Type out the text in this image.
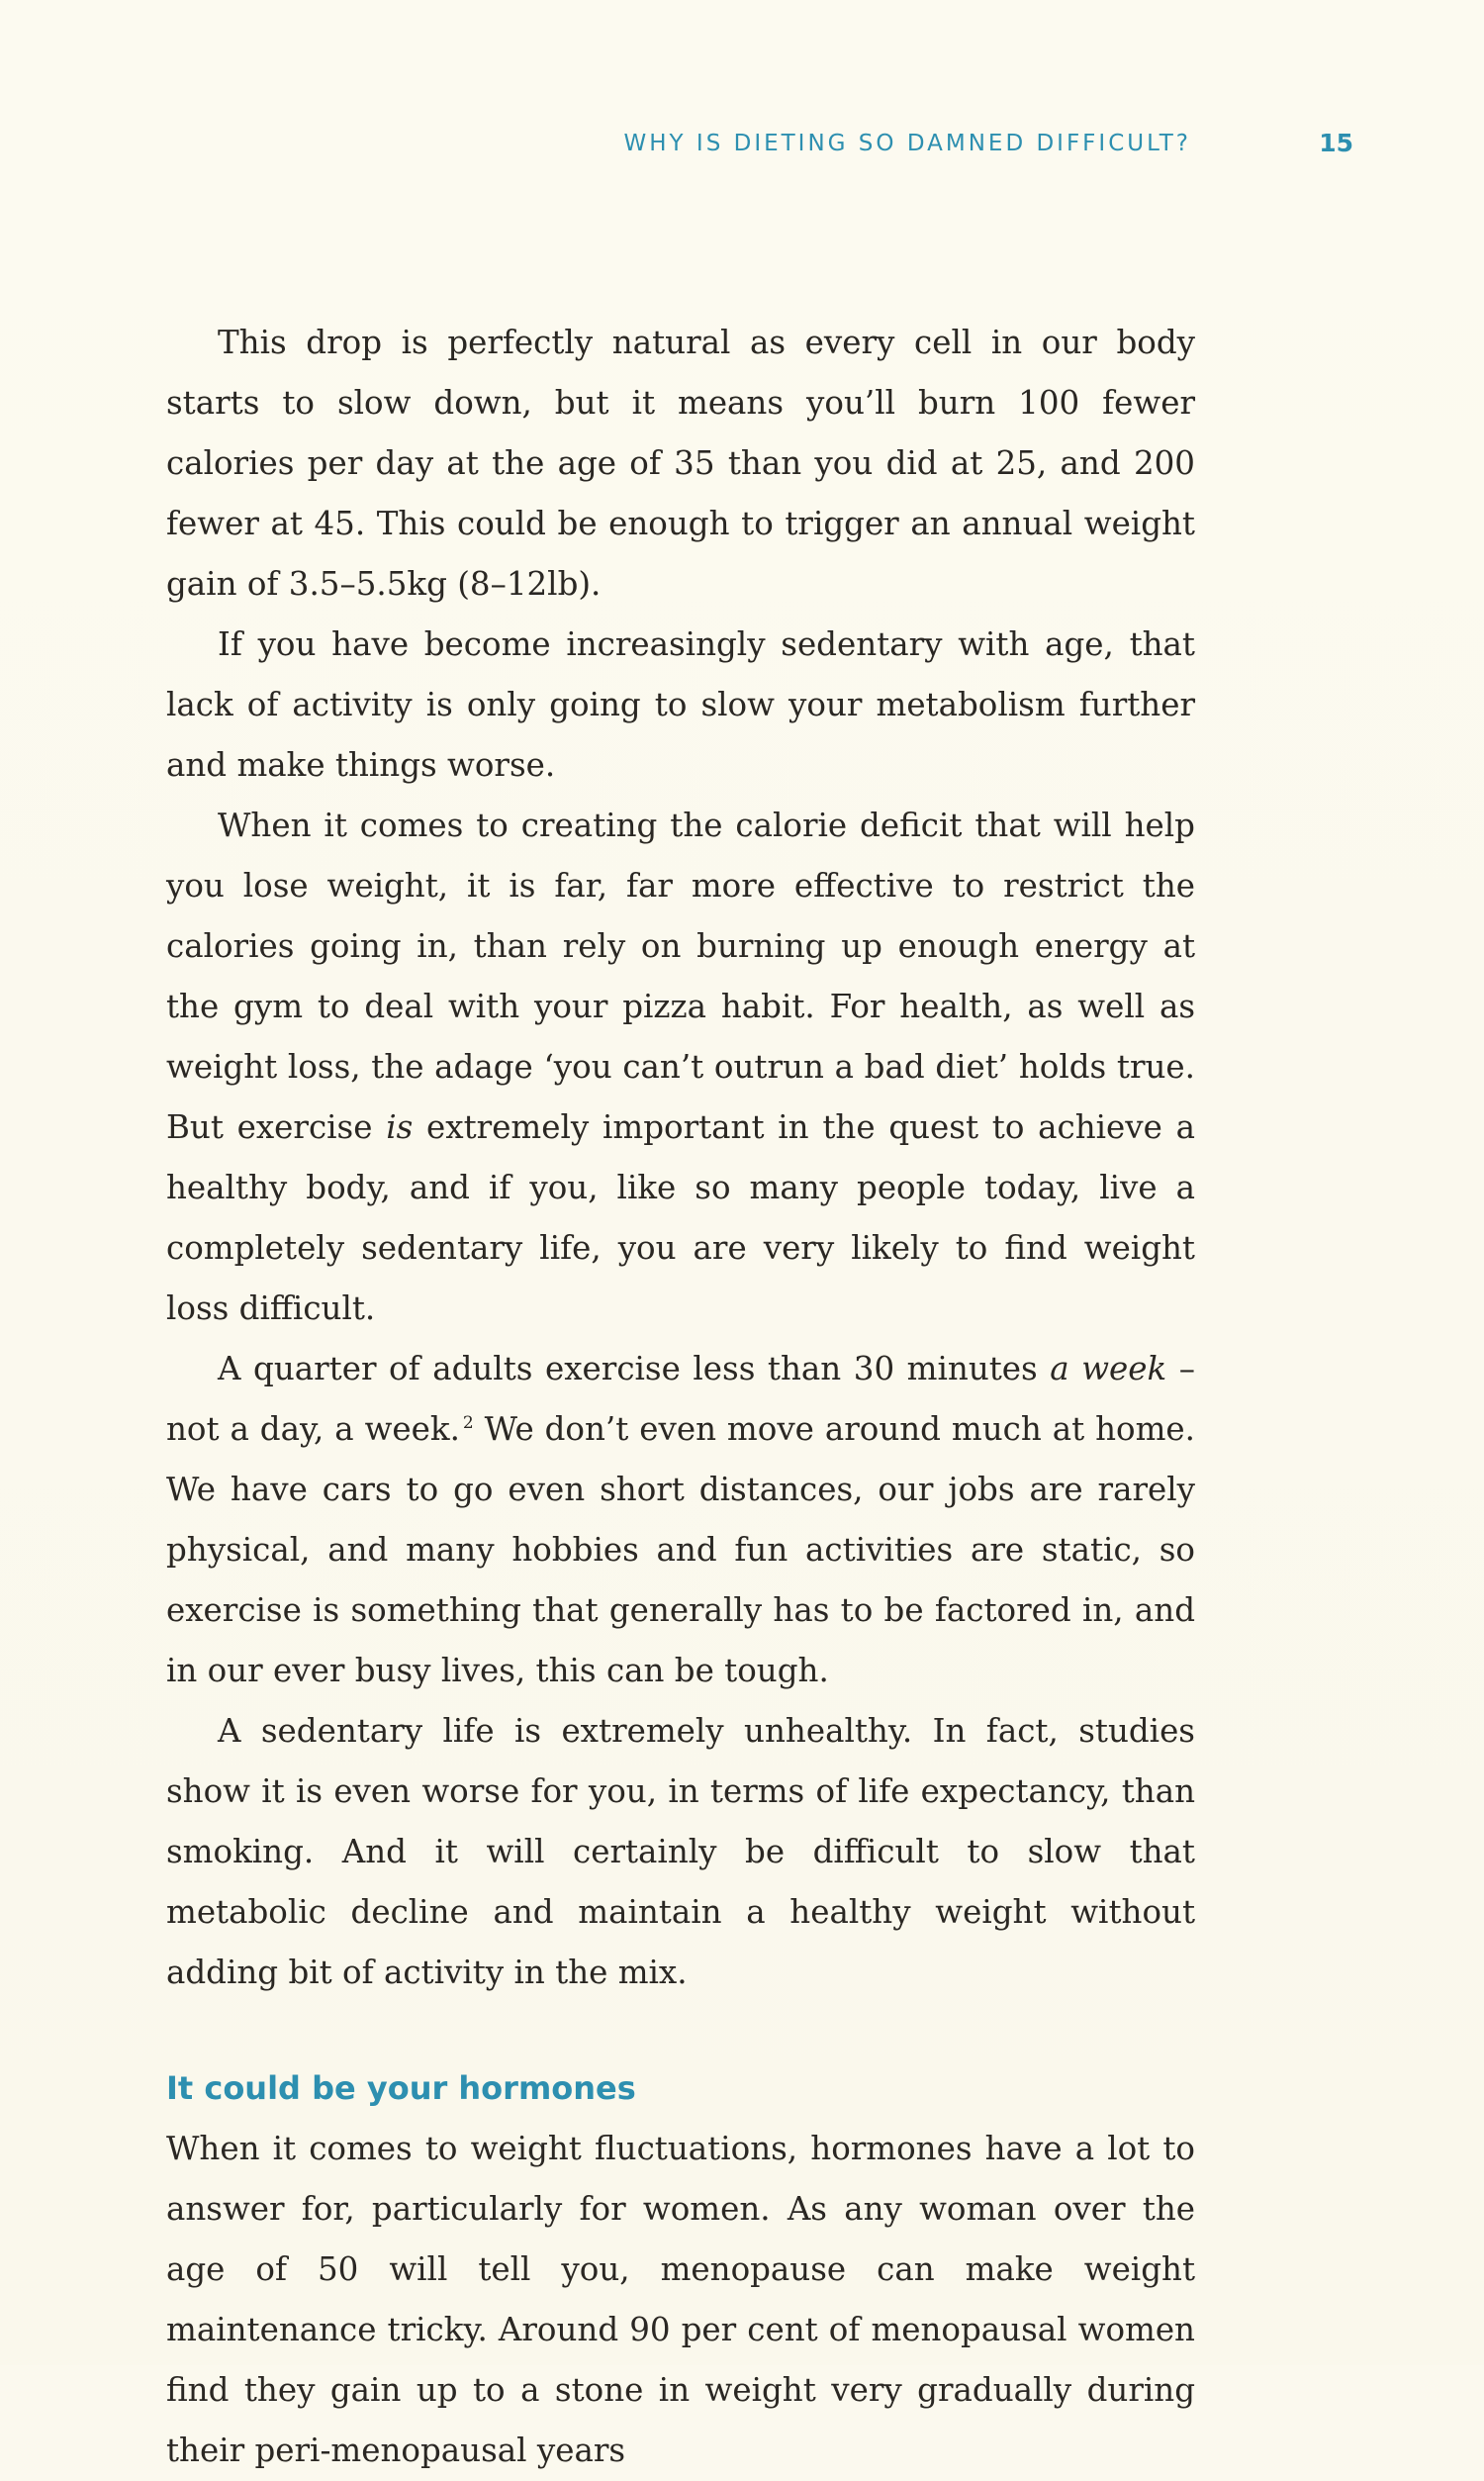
WHY IS DIETING SO DAMNED DIFFICULT?	15

This drop is perfectly natural as every cell in our body starts to slow down, but it means you’ll burn 100 fewer calories per day at the age of 35 than you did at 25, and 200 fewer at 45. This could be enough to trigger an annual weight gain of 3.5–5.5kg (8–12lb).

If you have become increasingly sedentary with age, that lack of activity is only going to slow your metabolism further and make things worse.

When it comes to creating the calorie deficit that will help you lose weight, it is far, far more effective to restrict the calories going in, than rely on burning up enough energy at the gym to deal with your pizza habit. For health, as well as weight loss, the adage ‘you can’t outrun a bad diet’ holds true. But exercise is extremely important in the quest to achieve a healthy body, and if you, like so many people today, live a completely sedentary life, you are very likely to find weight loss difficult.

A quarter of adults exercise less than 30 minutes a week – not a day, a week. $^2$ We don’t even move around much at home. We have cars to go even short distances, our jobs are rarely physical, and many hobbies and fun activities are static, so exercise is something that generally has to be factored in, and in our ever busy lives, this can be tough.

A sedentary life is extremely unhealthy. In fact, studies show it is even worse for you, in terms of life expectancy, than smoking. And it will certainly be difficult to slow that metabolic decline and maintain a healthy weight without adding bit of activity in the mix.

It could be your hormones

When it comes to weight fluctuations, hormones have a lot to answer for, particularly for women. As any woman over the age of 50 will tell you, menopause can make weight maintenance tricky. Around 90 per cent of menopausal women find they gain up to a stone in weight very gradually during their peri-menopausal years
